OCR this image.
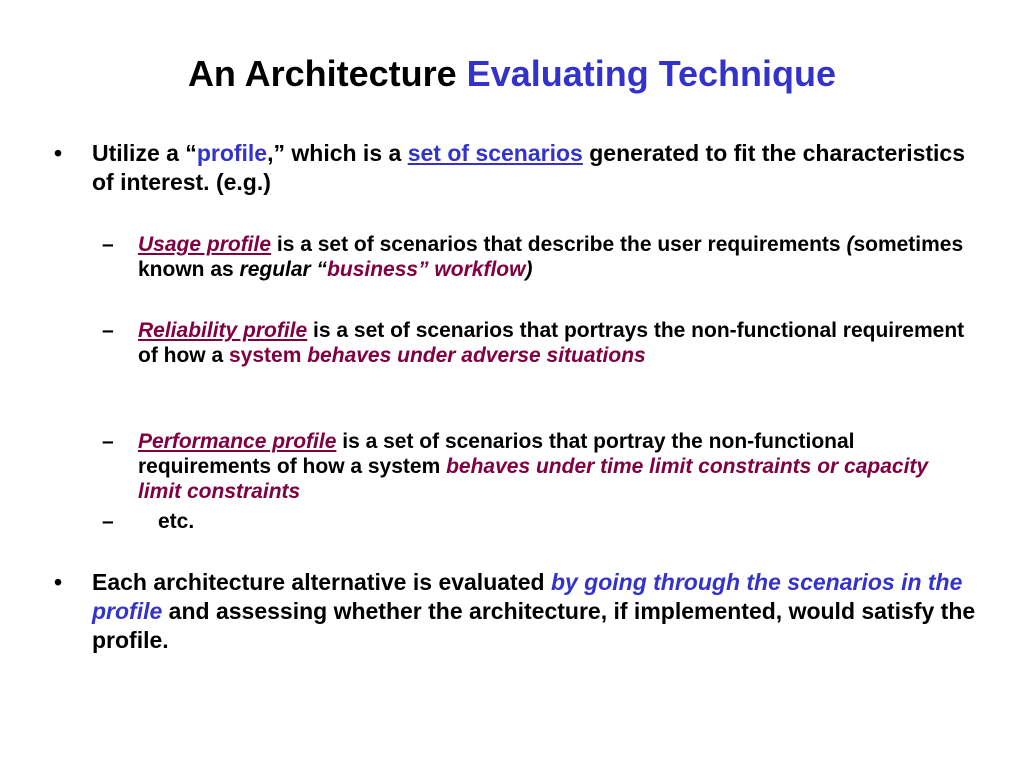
An Architecture Evaluating Technique

• Utilize a “profile,” which is a set of scenarios generated to fit the characteristics of interest. (e.g.)

– Usage profile is a set of scenarios that describe the user requirements (sometimes known as regular “business” workflow)

– Reliability profile is a set of scenarios that portrays the non-functional requirement of how a system behaves under adverse situations

– Performance profile is a set of scenarios that portray the non-functional requirements of how a system behaves under time limit constraints or capacity limit constraints

– etc.

• Each architecture alternative is evaluated by going through the scenarios in the profile and assessing whether the architecture, if implemented, would satisfy the profile.
